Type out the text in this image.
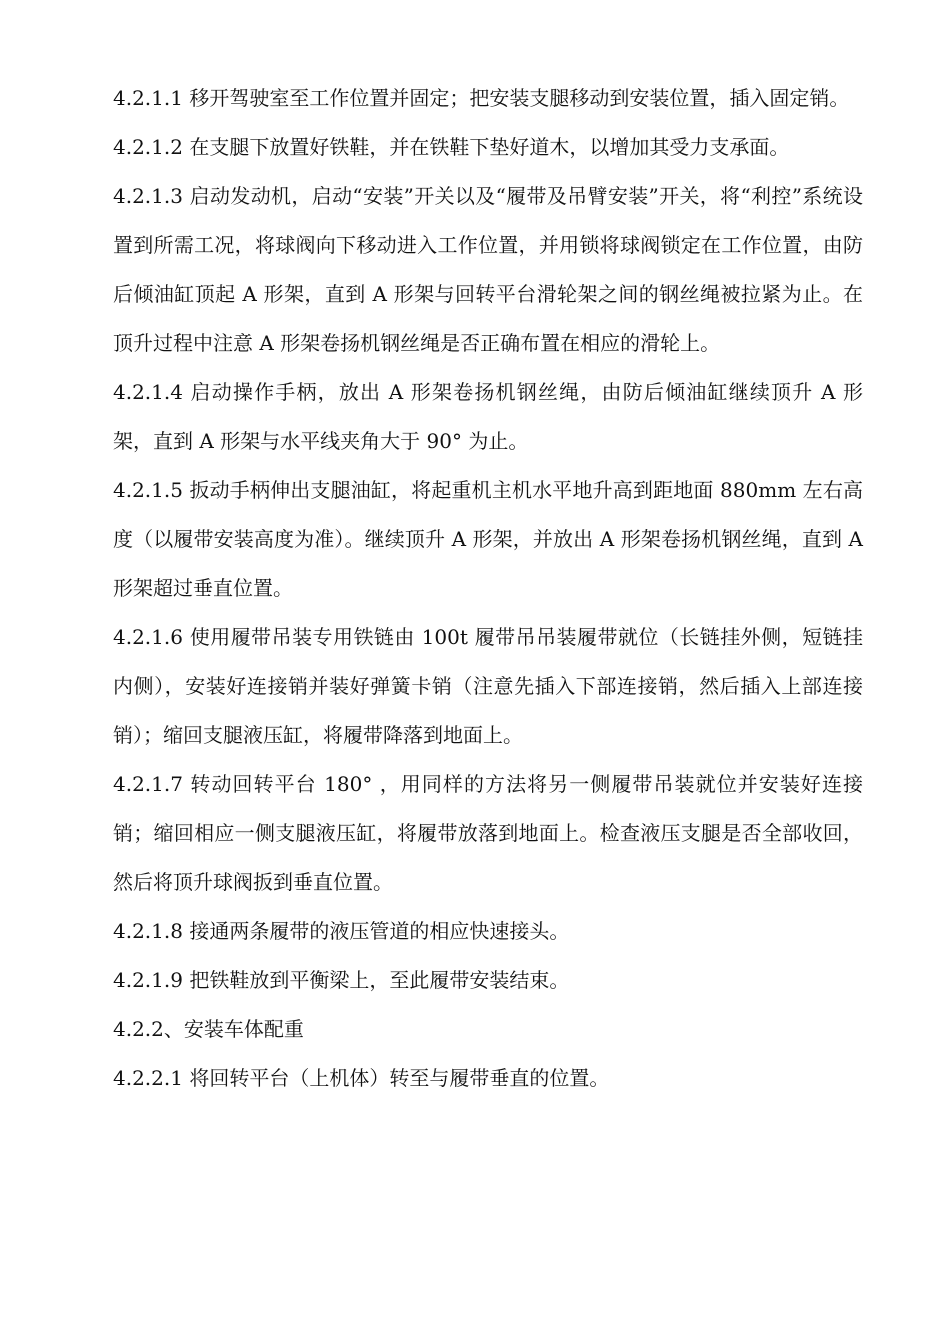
4.2.1.1 移开驾驶室至工作位置并固定；把安装支腿移动到安装位置，插入固定销。

4.2.1.2 在支腿下放置好铁鞋，并在铁鞋下垫好道木，以增加其受力支承面。

4.2.1.3 启动发动机，启动“安装”开关以及“履带及吊臂安装”开关，将“利控”系统设置到所需工况，将球阀向下移动进入工作位置，并用锁将球阀锁定在工作位置，由防后倾油缸顶起 A 形架，直到 A 形架与回转平台滑轮架之间的钢丝绳被拉紧为止。在顶升过程中注意 A 形架卷扬机钢丝绳是否正确布置在相应的滑轮上。

4.2.1.4 启动操作手柄，放出 A 形架卷扬机钢丝绳，由防后倾油缸继续顶升 A 形架，直到 A 形架与水平线夹角大于 90° 为止。

4.2.1.5 扳动手柄伸出支腿油缸，将起重机主机水平地升高到距地面 880mm 左右高度（以履带安装高度为准）。继续顶升 A 形架，并放出 A 形架卷扬机钢丝绳，直到 A 形架超过垂直位置。

4.2.1.6 使用履带吊装专用铁链由 100t 履带吊吊装履带就位（长链挂外侧，短链挂内侧），安装好连接销并装好弹簧卡销（注意先插入下部连接销，然后插入上部连接销）；缩回支腿液压缸，将履带降落到地面上。

4.2.1.7 转动回转平台 180° ，用同样的方法将另一侧履带吊装就位并安装好连接销；缩回相应一侧支腿液压缸，将履带放落到地面上。检查液压支腿是否全部收回，然后将顶升球阀扳到垂直位置。

4.2.1.8 接通两条履带的液压管道的相应快速接头。

4.2.1.9 把铁鞋放到平衡梁上，至此履带安装结束。

4.2.2、安装车体配重

4.2.2.1 将回转平台（上机体）转至与履带垂直的位置。
